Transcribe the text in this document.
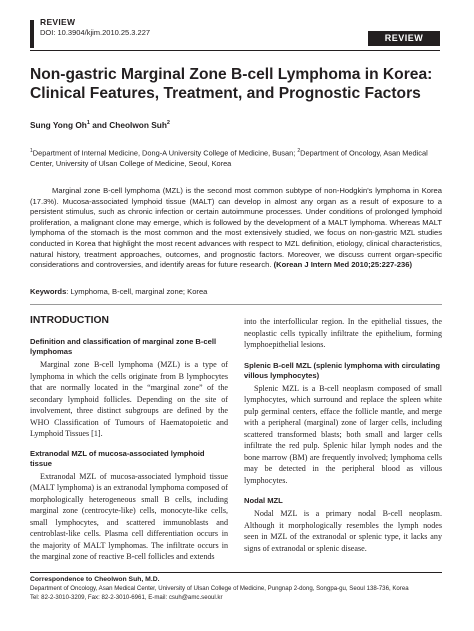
REVIEW
DOI: 10.3904/kjim.2010.25.3.227
REVIEW
Non-gastric Marginal Zone B-cell Lymphoma in Korea: Clinical Features, Treatment, and Prognostic Factors
Sung Yong Oh$^1$ and Cheolwon Suh$^2$
$^1$Department of Internal Medicine, Dong-A University College of Medicine, Busan; $^2$Department of Oncology, Asan Medical Center, University of Ulsan College of Medicine, Seoul, Korea

Marginal zone B-cell lymphoma (MZL) is the second most common subtype of non-Hodgkin's lymphoma in Korea (17.3%). Mucosa-associated lymphoid tissue (MALT) can develop in almost any organ as a result of exposure to a persistent stimulus, such as chronic infection or certain autoimmune processes. Under conditions of prolonged lymphoid proliferation, a malignant clone may emerge, which is followed by the development of a MALT lymphoma. Whereas MALT lymphoma of the stomach is the most common and the most extensively studied, we focus on non-gastric MZL studies conducted in Korea that highlight the most recent advances with respect to MZL definition, etiology, clinical characteristics, natural history, treatment approaches, outcomes, and prognostic factors. Moreover, we discuss current organ-specific considerations and controversies, and identify areas for future research. (Korean J Intern Med 2010;25:227-236)

Keywords: Lymphoma, B-cell, marginal zone; Korea
INTRODUCTION
Definition and classification of marginal zone B-cell lymphomas

Marginal zone B-cell lymphoma (MZL) is a type of lymphoma in which the cells originate from B lymphocytes that are normally located in the “marginal zone” of the secondary lymphoid follicles. Depending on the site of involvement, three distinct subgroups are defined by the WHO Classification of Tumours of Haematopoietic and Lymphoid Tissues [1].

Extranodal MZL of mucosa-associated lymphoid tissue

Extranodal MZL of mucosa-associated lymphoid tissue (MALT lymphoma) is an extranodal lymphoma composed of morphologically heterogeneous small B cells, including marginal zone (centrocyte-like) cells, monocyte-like cells, small lymphocytes, and scattered immunoblasts and centroblast-like cells. Plasma cell differentiation occurs in the majority of MALT lymphomas. The infiltrate occurs in the marginal zone of reactive B-cell follicles and extends

into the interfollicular region. In the epithelial tissues, the neoplastic cells typically infiltrate the epithelium, forming lymphoepithelial lesions.

Splenic B-cell MZL (splenic lymphoma with circulating villous lymphocytes)

Splenic MZL is a B-cell neoplasm composed of small lymphocytes, which surround and replace the spleen white pulp germinal centers, efface the follicle mantle, and merge with a peripheral (marginal) zone of larger cells, including scattered transformed blasts; both small and larger cells infiltrate the red pulp. Splenic hilar lymph nodes and the bone marrow (BM) are frequently involved; lymphoma cells may be detected in the peripheral blood as villous lymphocytes.

Nodal MZL

Nodal MZL is a primary nodal B-cell neoplasm. Although it morphologically resembles the lymph nodes seen in MZL of the extranodal or splenic type, it lacks any signs of extranodal or splenic disease.

Correspondence to Cheolwon Suh, M.D.
Department of Oncology, Asan Medical Center, University of Ulsan College of Medicine, Pungnap 2-dong, Songpa-gu, Seoul 138-736, Korea
Tel: 82-2-3010-3209, Fax: 82-2-3010-6961, E-mail: csuh@amc.seoul.kr
